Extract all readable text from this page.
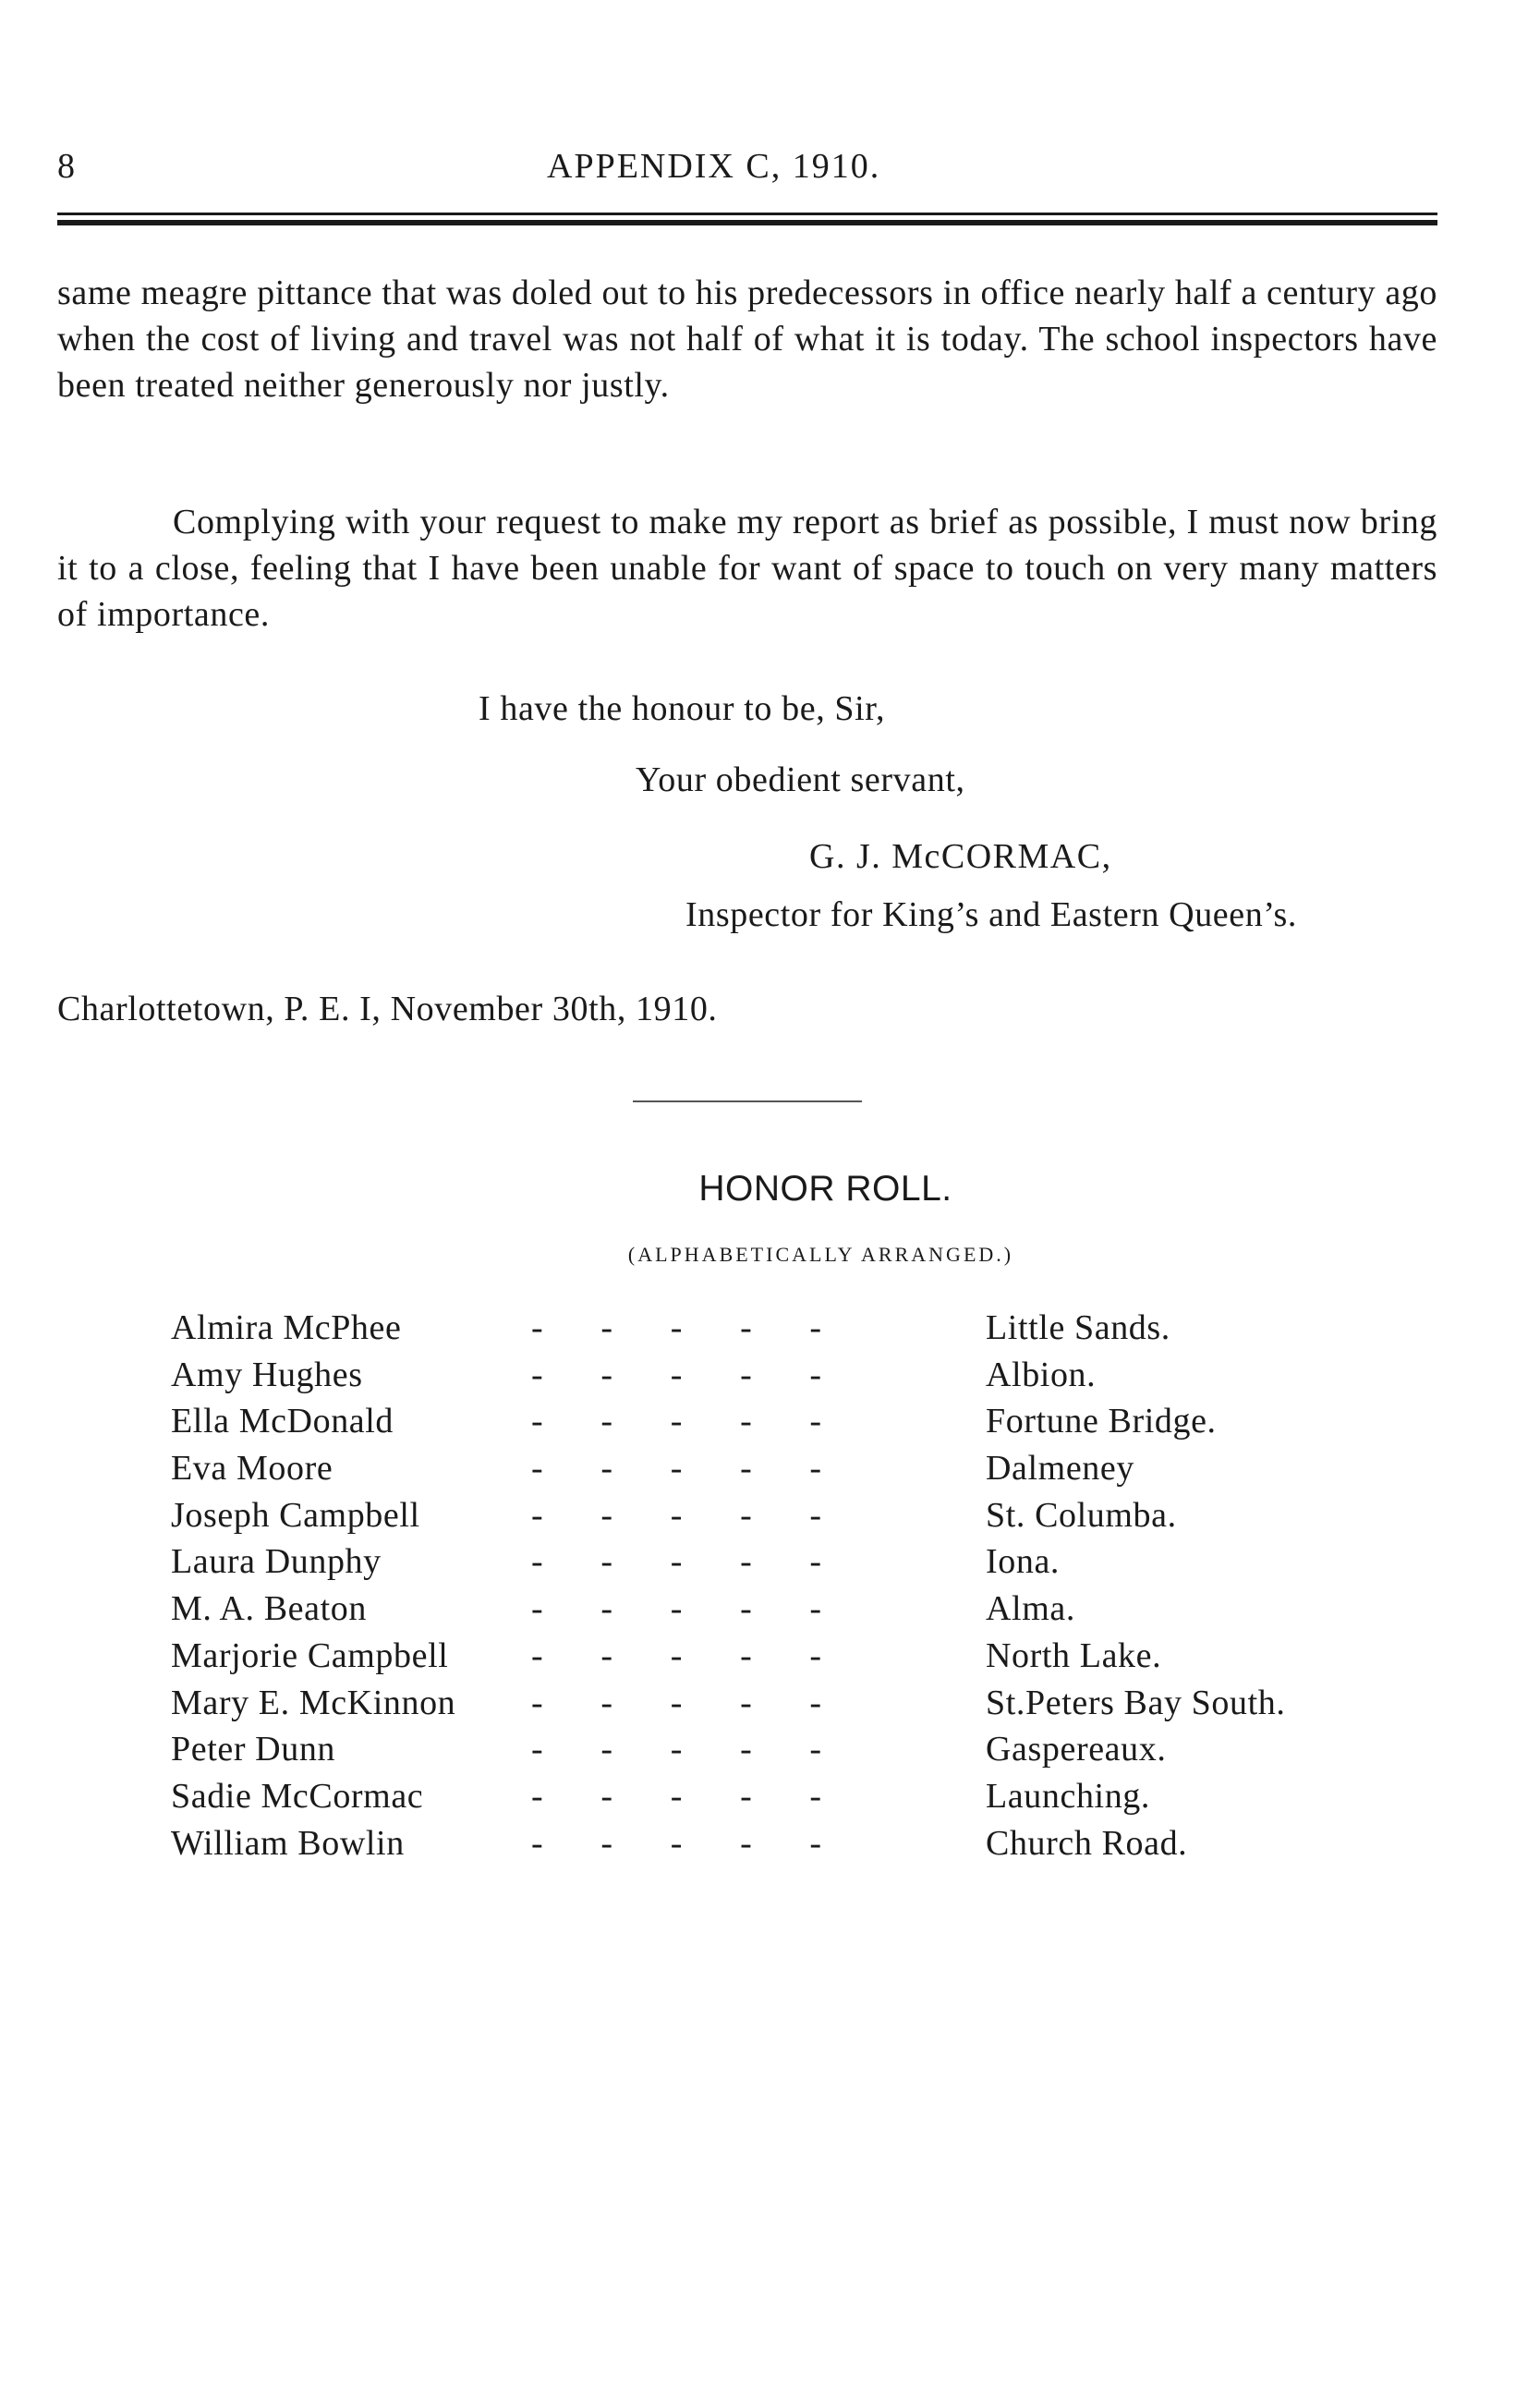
8	APPENDIX C, 1910.

same meagre pittance that was doled out to his predecessors in office nearly half a century ago when the cost of living and travel was not half of what it is today. The school inspectors have been treated neither generously nor justly.

Complying with your request to make my report as brief as possible, I must now bring it to a close, feeling that I have been unable for want of space to touch on very many matters of importance.

I have the honour to be, Sir,
Your obedient servant,
G. J. McCORMAC,
Inspector for King’s and Eastern Queen’s.
Charlottetown, P. E. I, November 30th, 1910.
HONOR ROLL.
(ALPHABETICALLY ARRANGED.)
Almira McPhee	- - - - -	Little Sands.
Amy Hughes	- - - - -	Albion.
Ella McDonald	- - - - -	Fortune Bridge.
Eva Moore	- - - - -	Dalmeney
Joseph Campbell	- - - - -	St. Columba.
Laura Dunphy	- - - - -	Iona.
M. A. Beaton	- - - - -	Alma.
Marjorie Campbell - - - - -	North Lake.
Mary E. McKinnon - - - - -	St.Peters Bay South.
Peter Dunn	- - - - -	Gaspereaux.
Sadie McCormac	- - - - -	Launching.
William Bowlin	- - - - -	Church Road.
